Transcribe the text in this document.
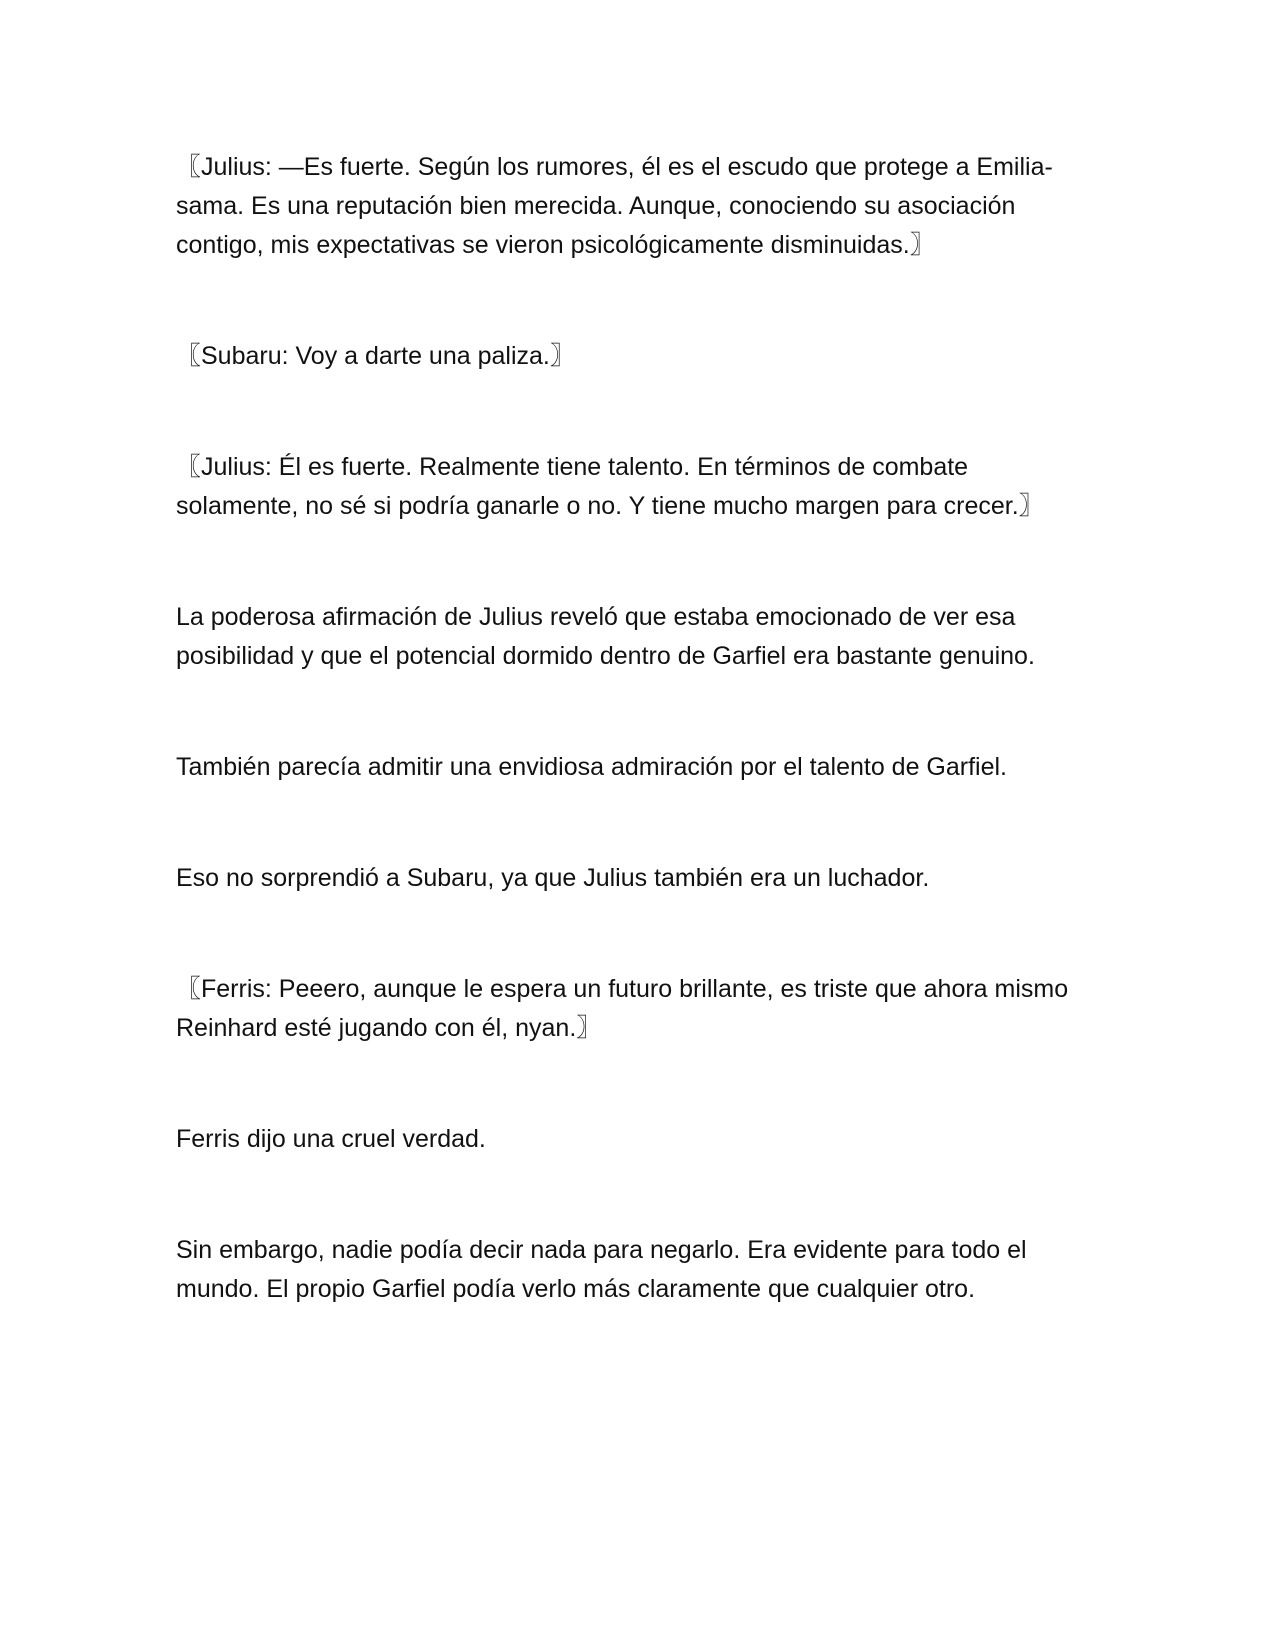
〖Julius: —Es fuerte. Según los rumores, él es el escudo que protege a Emilia-sama. Es una reputación bien merecida. Aunque, conociendo su asociación contigo, mis expectativas se vieron psicológicamente disminuidas.〗

〖Subaru: Voy a darte una paliza.〗

〖Julius: Él es fuerte. Realmente tiene talento. En términos de combate solamente, no sé si podría ganarle o no. Y tiene mucho margen para crecer.〗

La poderosa afirmación de Julius reveló que estaba emocionado de ver esa posibilidad y que el potencial dormido dentro de Garfiel era bastante genuino.

También parecía admitir una envidiosa admiración por el talento de Garfiel.

Eso no sorprendió a Subaru, ya que Julius también era un luchador.

〖Ferris: Peeero, aunque le espera un futuro brillante, es triste que ahora mismo Reinhard esté jugando con él, nyan.〗

Ferris dijo una cruel verdad.

Sin embargo, nadie podía decir nada para negarlo. Era evidente para todo el mundo. El propio Garfiel podía verlo más claramente que cualquier otro.
